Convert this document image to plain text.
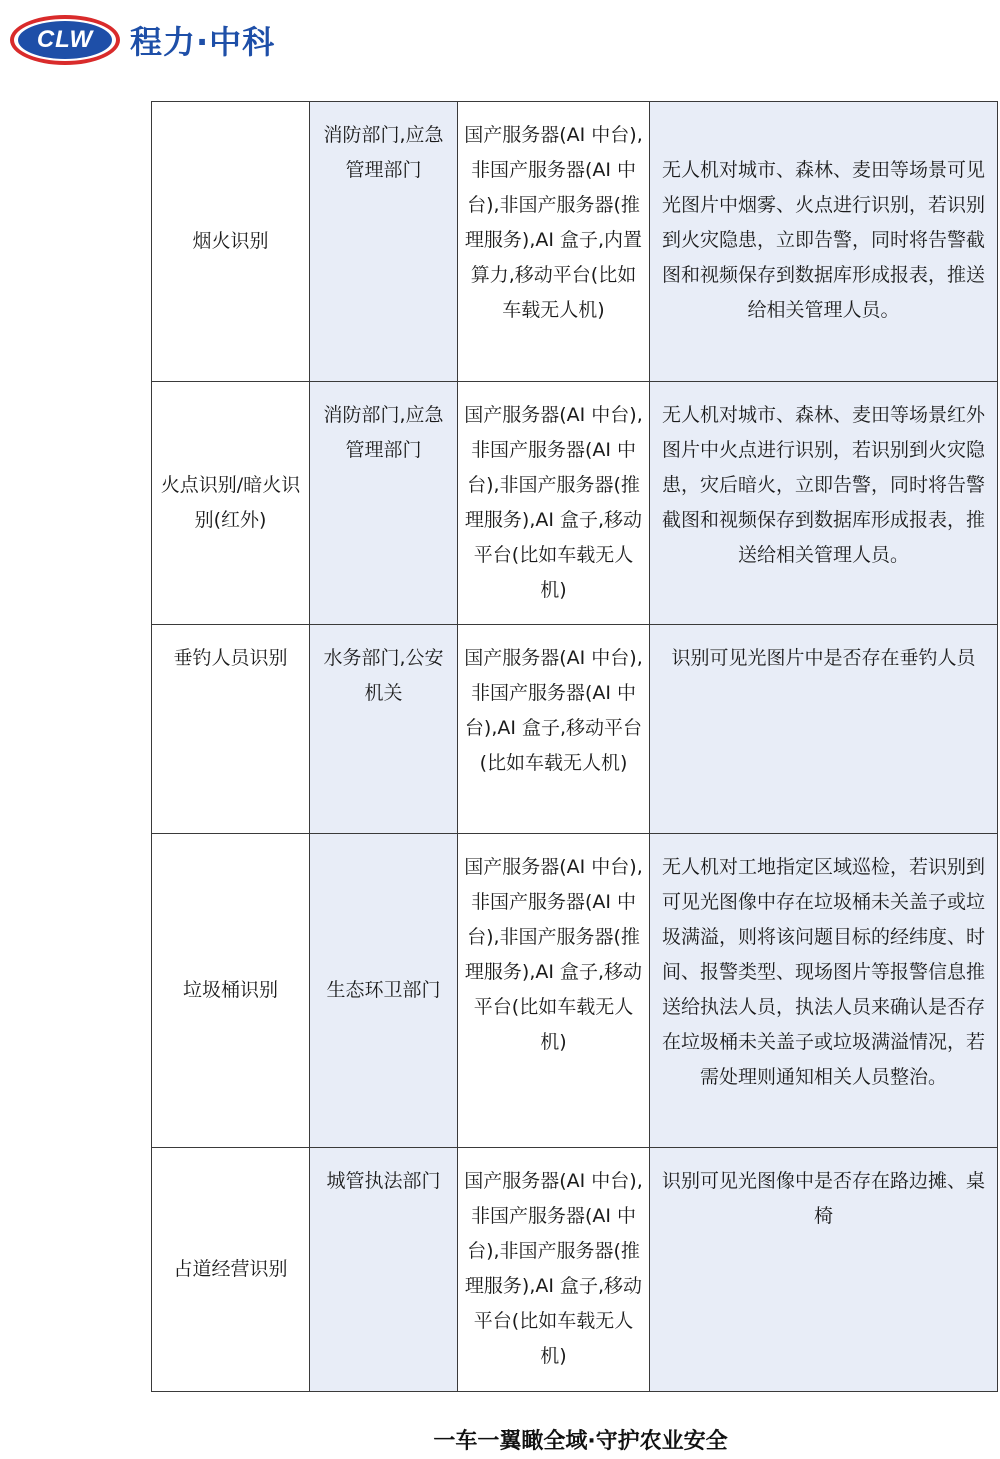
CLW	程力·中科
烟火识别	消防部门,应急管理部门	国产服务器(AI 中台),非国产服务器(AI 中台),非国产服务器(推理服务),AI 盒子,内置算力,移动平台(比如车载无人机)	无人机对城市、森林、麦田等场景可见光图片中烟雾、火点进行识别，若识别到火灾隐患，立即告警，同时将告警截图和视频保存到数据库形成报表，推送给相关管理人员。
火点识别/暗火识别(红外)	消防部门,应急管理部门	国产服务器(AI 中台),非国产服务器(AI 中台),非国产服务器(推理服务),AI 盒子,移动平台(比如车载无人机)	无人机对城市、森林、麦田等场景红外图片中火点进行识别，若识别到火灾隐患，灾后暗火，立即告警，同时将告警截图和视频保存到数据库形成报表，推送给相关管理人员。
垂钓人员识别	水务部门,公安机关	国产服务器(AI 中台),非国产服务器(AI 中台),AI 盒子,移动平台(比如车载无人机)	识别可见光图片中是否存在垂钓人员
垃圾桶识别	生态环卫部门	国产服务器(AI 中台),非国产服务器(AI 中台),非国产服务器(推理服务),AI 盒子,移动平台(比如车载无人机)	无人机对工地指定区域巡检，若识别到可见光图像中存在垃圾桶未关盖子或垃圾满溢，则将该问题目标的经纬度、时间、报警类型、现场图片等报警信息推送给执法人员，执法人员来确认是否存在垃圾桶未关盖子或垃圾满溢情况，若需处理则通知相关人员整治。
占道经营识别	城管执法部门	国产服务器(AI 中台),非国产服务器(AI 中台),非国产服务器(推理服务),AI 盒子,移动平台(比如车载无人机)	识别可见光图像中是否存在路边摊、桌椅
一车一翼瞰全域·守护农业安全
